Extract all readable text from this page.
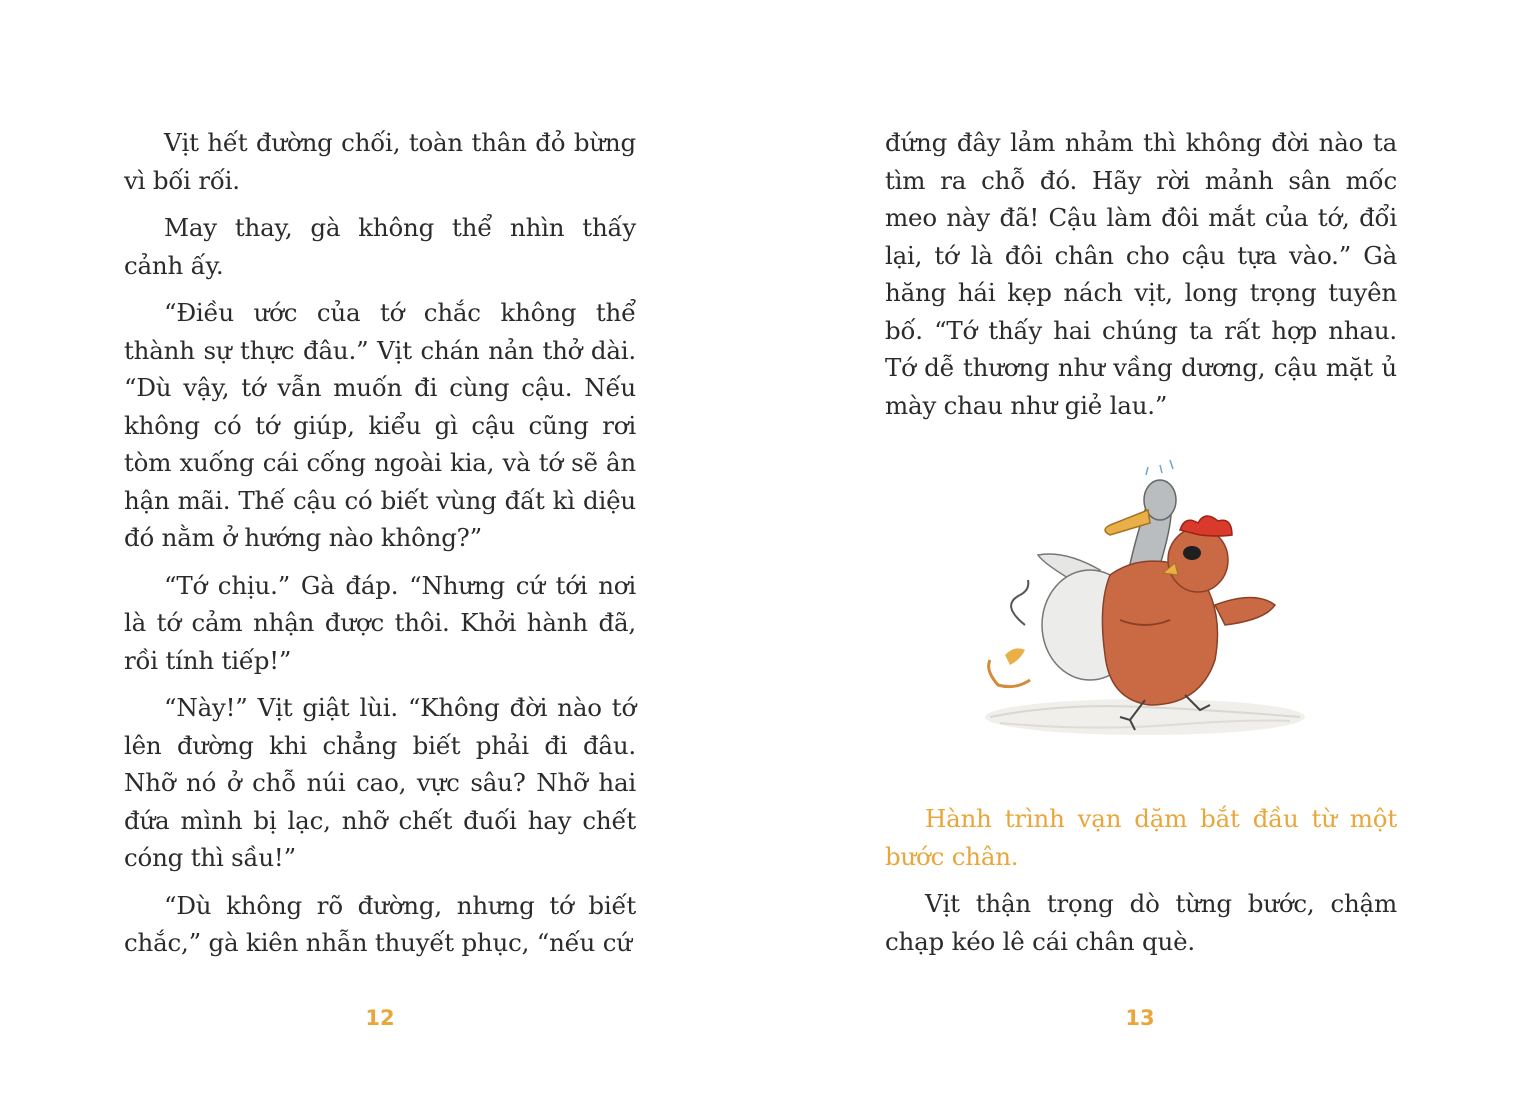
Vịt hết đường chối, toàn thân đỏ bừng vì bối rối.

May thay, gà không thể nhìn thấy cảnh ấy.

“Điều ước của tớ chắc không thể thành sự thực đâu.” Vịt chán nản thở dài. “Dù vậy, tớ vẫn muốn đi cùng cậu. Nếu không có tớ giúp, kiểu gì cậu cũng rơi tòm xuống cái cống ngoài kia, và tớ sẽ ân hận mãi. Thế cậu có biết vùng đất kì diệu đó nằm ở hướng nào không?”

“Tớ chịu.” Gà đáp. “Nhưng cứ tới nơi là tớ cảm nhận được thôi. Khởi hành đã, rồi tính tiếp!”

“Này!” Vịt giật lùi. “Không đời nào tớ lên đường khi chẳng biết phải đi đâu. Nhỡ nó ở chỗ núi cao, vực sâu? Nhỡ hai đứa mình bị lạc, nhỡ chết đuối hay chết cóng thì sầu!”

“Dù không rõ đường, nhưng tớ biết chắc,” gà kiên nhẫn thuyết phục, “nếu cứ

12

đứng đây lảm nhảm thì không đời nào ta tìm ra chỗ đó. Hãy rời mảnh sân mốc meo này đã! Cậu làm đôi mắt của tớ, đổi lại, tớ là đôi chân cho cậu tựa vào.” Gà hăng hái kẹp nách vịt, long trọng tuyên bố. “Tớ thấy hai chúng ta rất hợp nhau. Tớ dễ thương như vầng dương, cậu mặt ủ mày chau như giẻ lau.”

Hành trình vạn dặm bắt đầu từ một bước chân.

Vịt thận trọng dò từng bước, chậm chạp kéo lê cái chân què.

13
